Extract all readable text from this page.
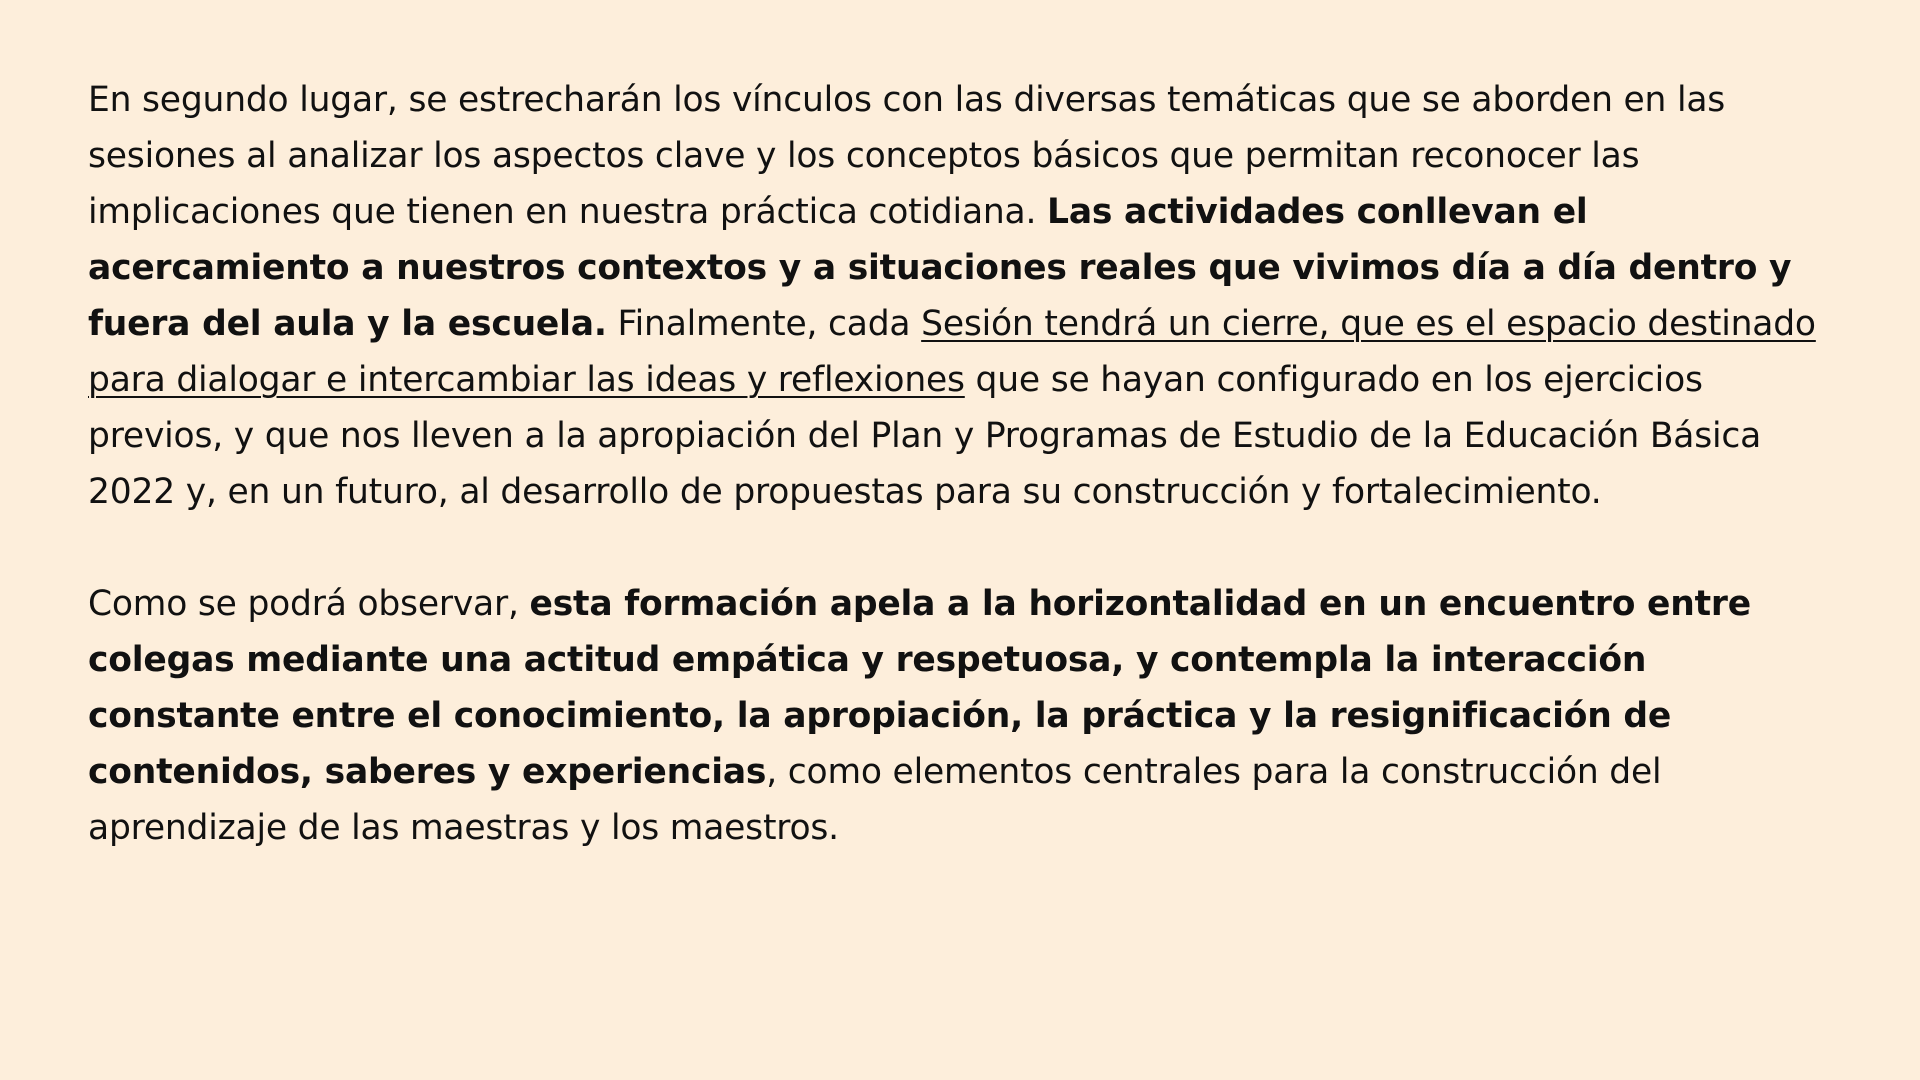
En segundo lugar, se estrecharán los vínculos con las diversas temáticas que se aborden en las sesiones al analizar los aspectos clave y los conceptos básicos que permitan reconocer las implicaciones que tienen en nuestra práctica cotidiana. Las actividades conllevan el acercamiento a nuestros contextos y a situaciones reales que vivimos día a día dentro y fuera del aula y la escuela. Finalmente, cada Sesión tendrá un cierre, que es el espacio destinado para dialogar e intercambiar las ideas y reflexiones que se hayan configurado en los ejercicios previos, y que nos lleven a la apropiación del Plan y Programas de Estudio de la Educación Básica 2022 y, en un futuro, al desarrollo de propuestas para su construcción y fortalecimiento.

Como se podrá observar, esta formación apela a la horizontalidad en un encuentro entre colegas mediante una actitud empática y respetuosa, y contempla la interacción constante entre el conocimiento, la apropiación, la práctica y la resignificación de contenidos, saberes y experiencias, como elementos centrales para la construcción del aprendizaje de las maestras y los maestros.
